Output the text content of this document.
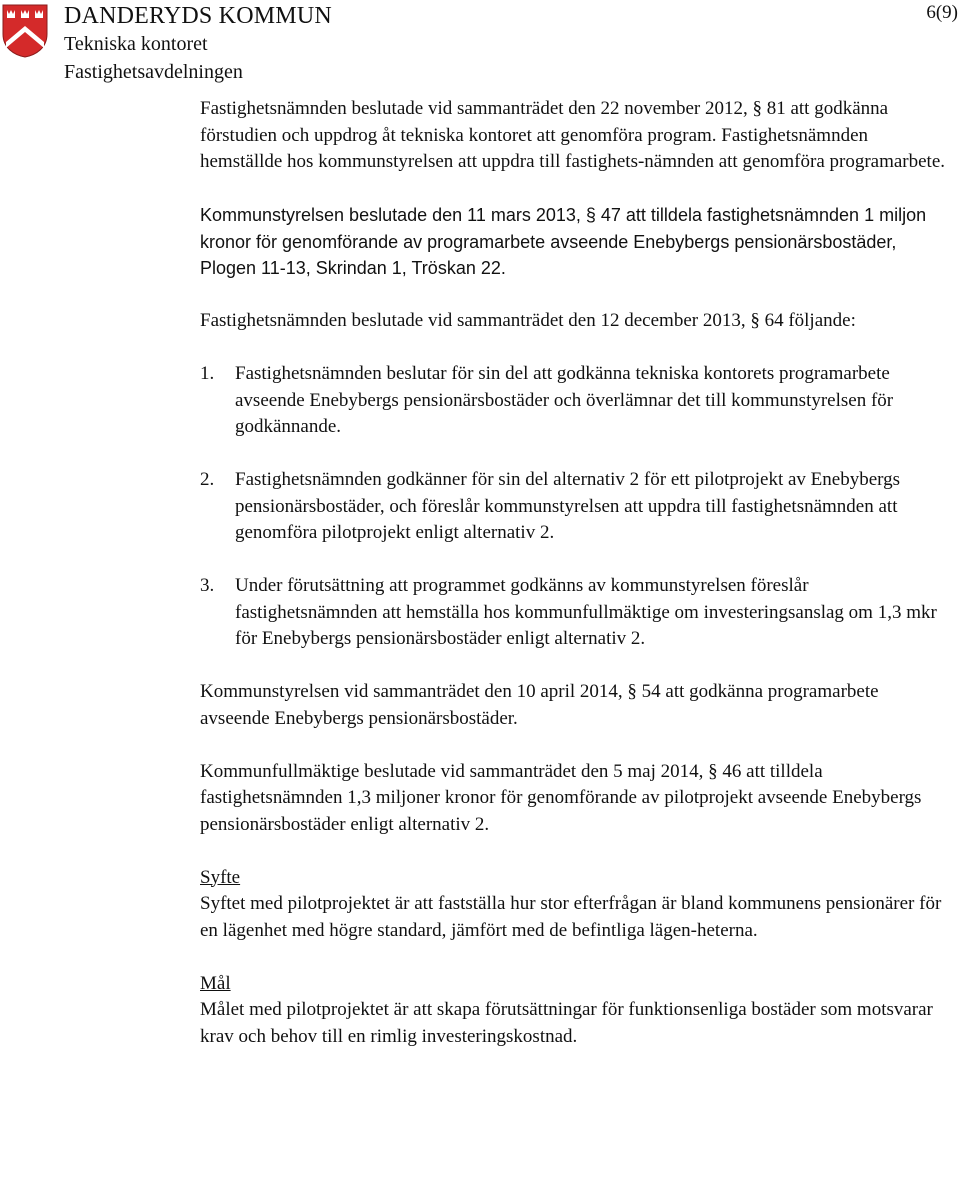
DANDERYDS KOMMUN
Tekniska kontoret
Fastighetsavdelningen
6(9)

Fastighetsnämnden beslutade vid sammanträdet den 22 november 2012, § 81 att godkänna förstudien och uppdrog åt tekniska kontoret att genomföra program. Fastighetsnämnden hemställde hos kommunstyrelsen att uppdra till fastighets-nämnden att genomföra programarbete.

Kommunstyrelsen beslutade den 11 mars 2013, § 47 att tilldela fastighetsnämnden 1 miljon kronor för genomförande av programarbete avseende Enebybergs pensionärsbostäder, Plogen 11-13, Skrindan 1, Tröskan 22.

Fastighetsnämnden beslutade vid sammanträdet den 12 december 2013, § 64 följande:

1. Fastighetsnämnden beslutar för sin del att godkänna tekniska kontorets programarbete avseende Enebybergs pensionärsbostäder och överlämnar det till kommunstyrelsen för godkännande.

2. Fastighetsnämnden godkänner för sin del alternativ 2 för ett pilotprojekt av Enebybergs pensionärsbostäder, och föreslår kommunstyrelsen att uppdra till fastighetsnämnden att genomföra pilotprojekt enligt alternativ 2.

3. Under förutsättning att programmet godkänns av kommunstyrelsen föreslår fastighetsnämnden att hemställa hos kommunfullmäktige om investeringsanslag om 1,3 mkr för Enebybergs pensionärsbostäder enligt alternativ 2.

Kommunstyrelsen vid sammanträdet den 10 april 2014, § 54 att godkänna programarbete avseende Enebybergs pensionärsbostäder.

Kommunfullmäktige beslutade vid sammanträdet den 5 maj 2014, § 46 att tilldela fastighetsnämnden 1,3 miljoner kronor för genomförande av pilotprojekt avseende Enebybergs pensionärsbostäder enligt alternativ 2.

Syfte

Syftet med pilotprojektet är att fastställa hur stor efterfrågan är bland kommunens pensionärer för en lägenhet med högre standard, jämfört med de befintliga lägen-heterna.

Mål

Målet med pilotprojektet är att skapa förutsättningar för funktionsenliga bostäder som motsvarar krav och behov till en rimlig investeringskostnad.
